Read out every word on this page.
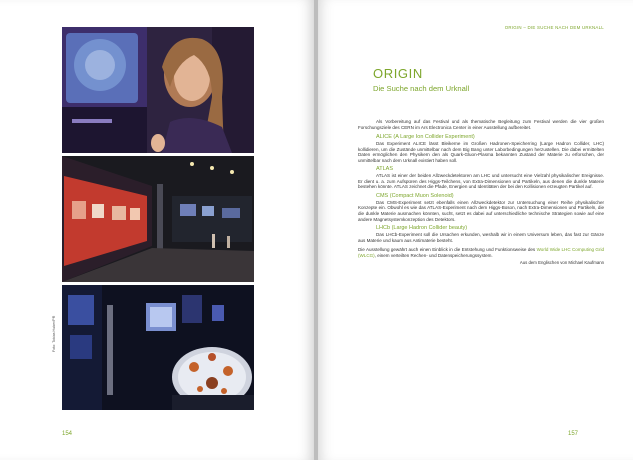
Foto: Tobias Huber/PR
154
ORIGIN – DIE SUCHE NACH DEM URKNALL
ORIGIN
Die Suche nach dem Urknall

Als Vorbereitung auf das Festival und als thematische Begleitung zum Festival werden die vier großen Forschungsziele des CERN im Ars Electronica Center in einer Ausstellung aufbereitet.

ALICE (A Large Ion Collider Experiment)

Das Experiment ALICE lässt Bleikerne im Großen Hadronen-Speicherring (Large Hadron Collider, LHC) kollidieren, um die Zustände unmittelbar nach dem Big Bang unter Laborbedingungen herzustellen. Die dabei ermittelten Daten ermöglichen den Physikern den als Quark-Gluon-Plasma bekannten Zustand der Materie zu erforschen, der unmittelbar nach dem Urknall existiert haben soll.

ATLAS

ATLAS ist einer der beiden Allzweckdetektoren am LHC und untersucht eine Vielzahl physikalischer Ereignisse. Er dient u. a. zum Aufspüren des Higgs-Teilchens, von Extra-Dimensionen und Partikeln, aus denen die dunkle Materie bestehen könnte. ATLAS zeichnet die Pfade, Energien und Identitäten der bei den Kollisionen erzeugten Partikel auf.

CMS (Compact Muon Solenoid)

Das CMS-Experiment setzt ebenfalls einen Allzweckdetektor zur Untersuchung einer Reihe physikalischer Konzepte ein. Obwohl es wie das ATLAS-Experiment nach dem Higgs-Boson, nach Extra-Dimensionen und Partikeln, die die dunkle Materie ausmachen könnten, sucht, setzt es dabei auf unterschiedliche technische Strategien sowie auf eine andere Magnetsystemkonzeption des Detektors.

LHCb (Large Hadron Collider beauty)

Das LHCb-Experiment soll die Ursachen erkunden, weshalb wir in einem Universum leben, das fast zur Gänze aus Materie und kaum aus Antimaterie besteht.

Die Ausstellung gewährt auch einen Einblick in die Entstehung und Funktionsweise des World Wide LHC Computing Grid (WLCG), einem verteilten Rechen- und Datenspeicherungssystem.

Aus dem Englischen von Michael Kaufmann

157
